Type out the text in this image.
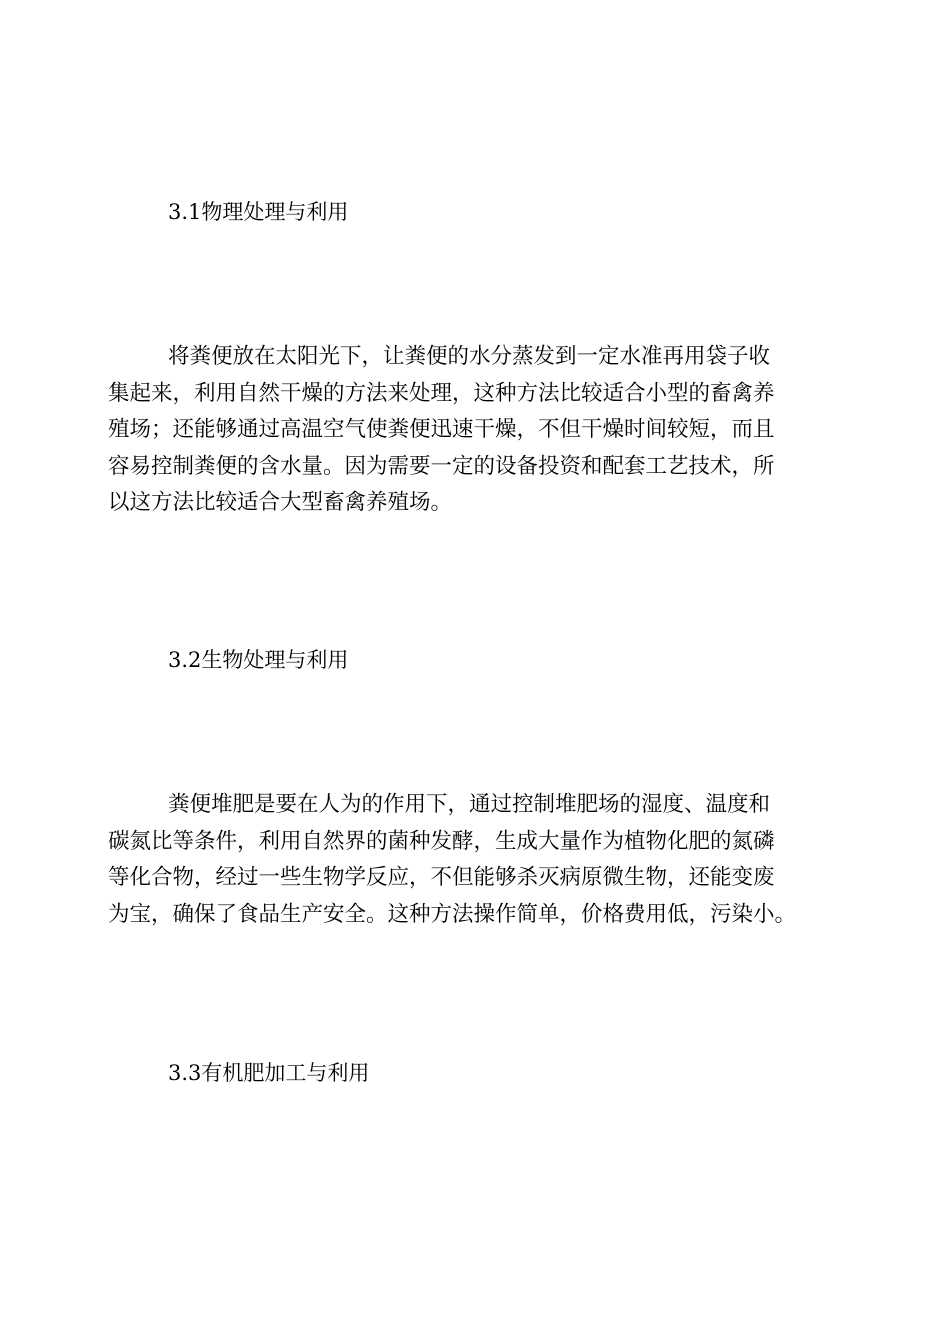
3.1物理处理与利用
将粪便放在太阳光下，让粪便的水分蒸发到一定水准再用袋子收
集起来，利用自然干燥的方法来处理，这种方法比较适合小型的畜禽养
殖场；还能够通过高温空气使粪便迅速干燥，不但干燥时间较短，而且
容易控制粪便的含水量。因为需要一定的设备投资和配套工艺技术，所
以这方法比较适合大型畜禽养殖场。
3.2生物处理与利用
粪便堆肥是要在人为的作用下，通过控制堆肥场的湿度、温度和
碳氮比等条件，利用自然界的菌种发酵，生成大量作为植物化肥的氮磷
等化合物，经过一些生物学反应，不但能够杀灭病原微生物，还能变废
为宝，确保了食品生产安全。这种方法操作简单，价格费用低，污染小。
3.3有机肥加工与利用
